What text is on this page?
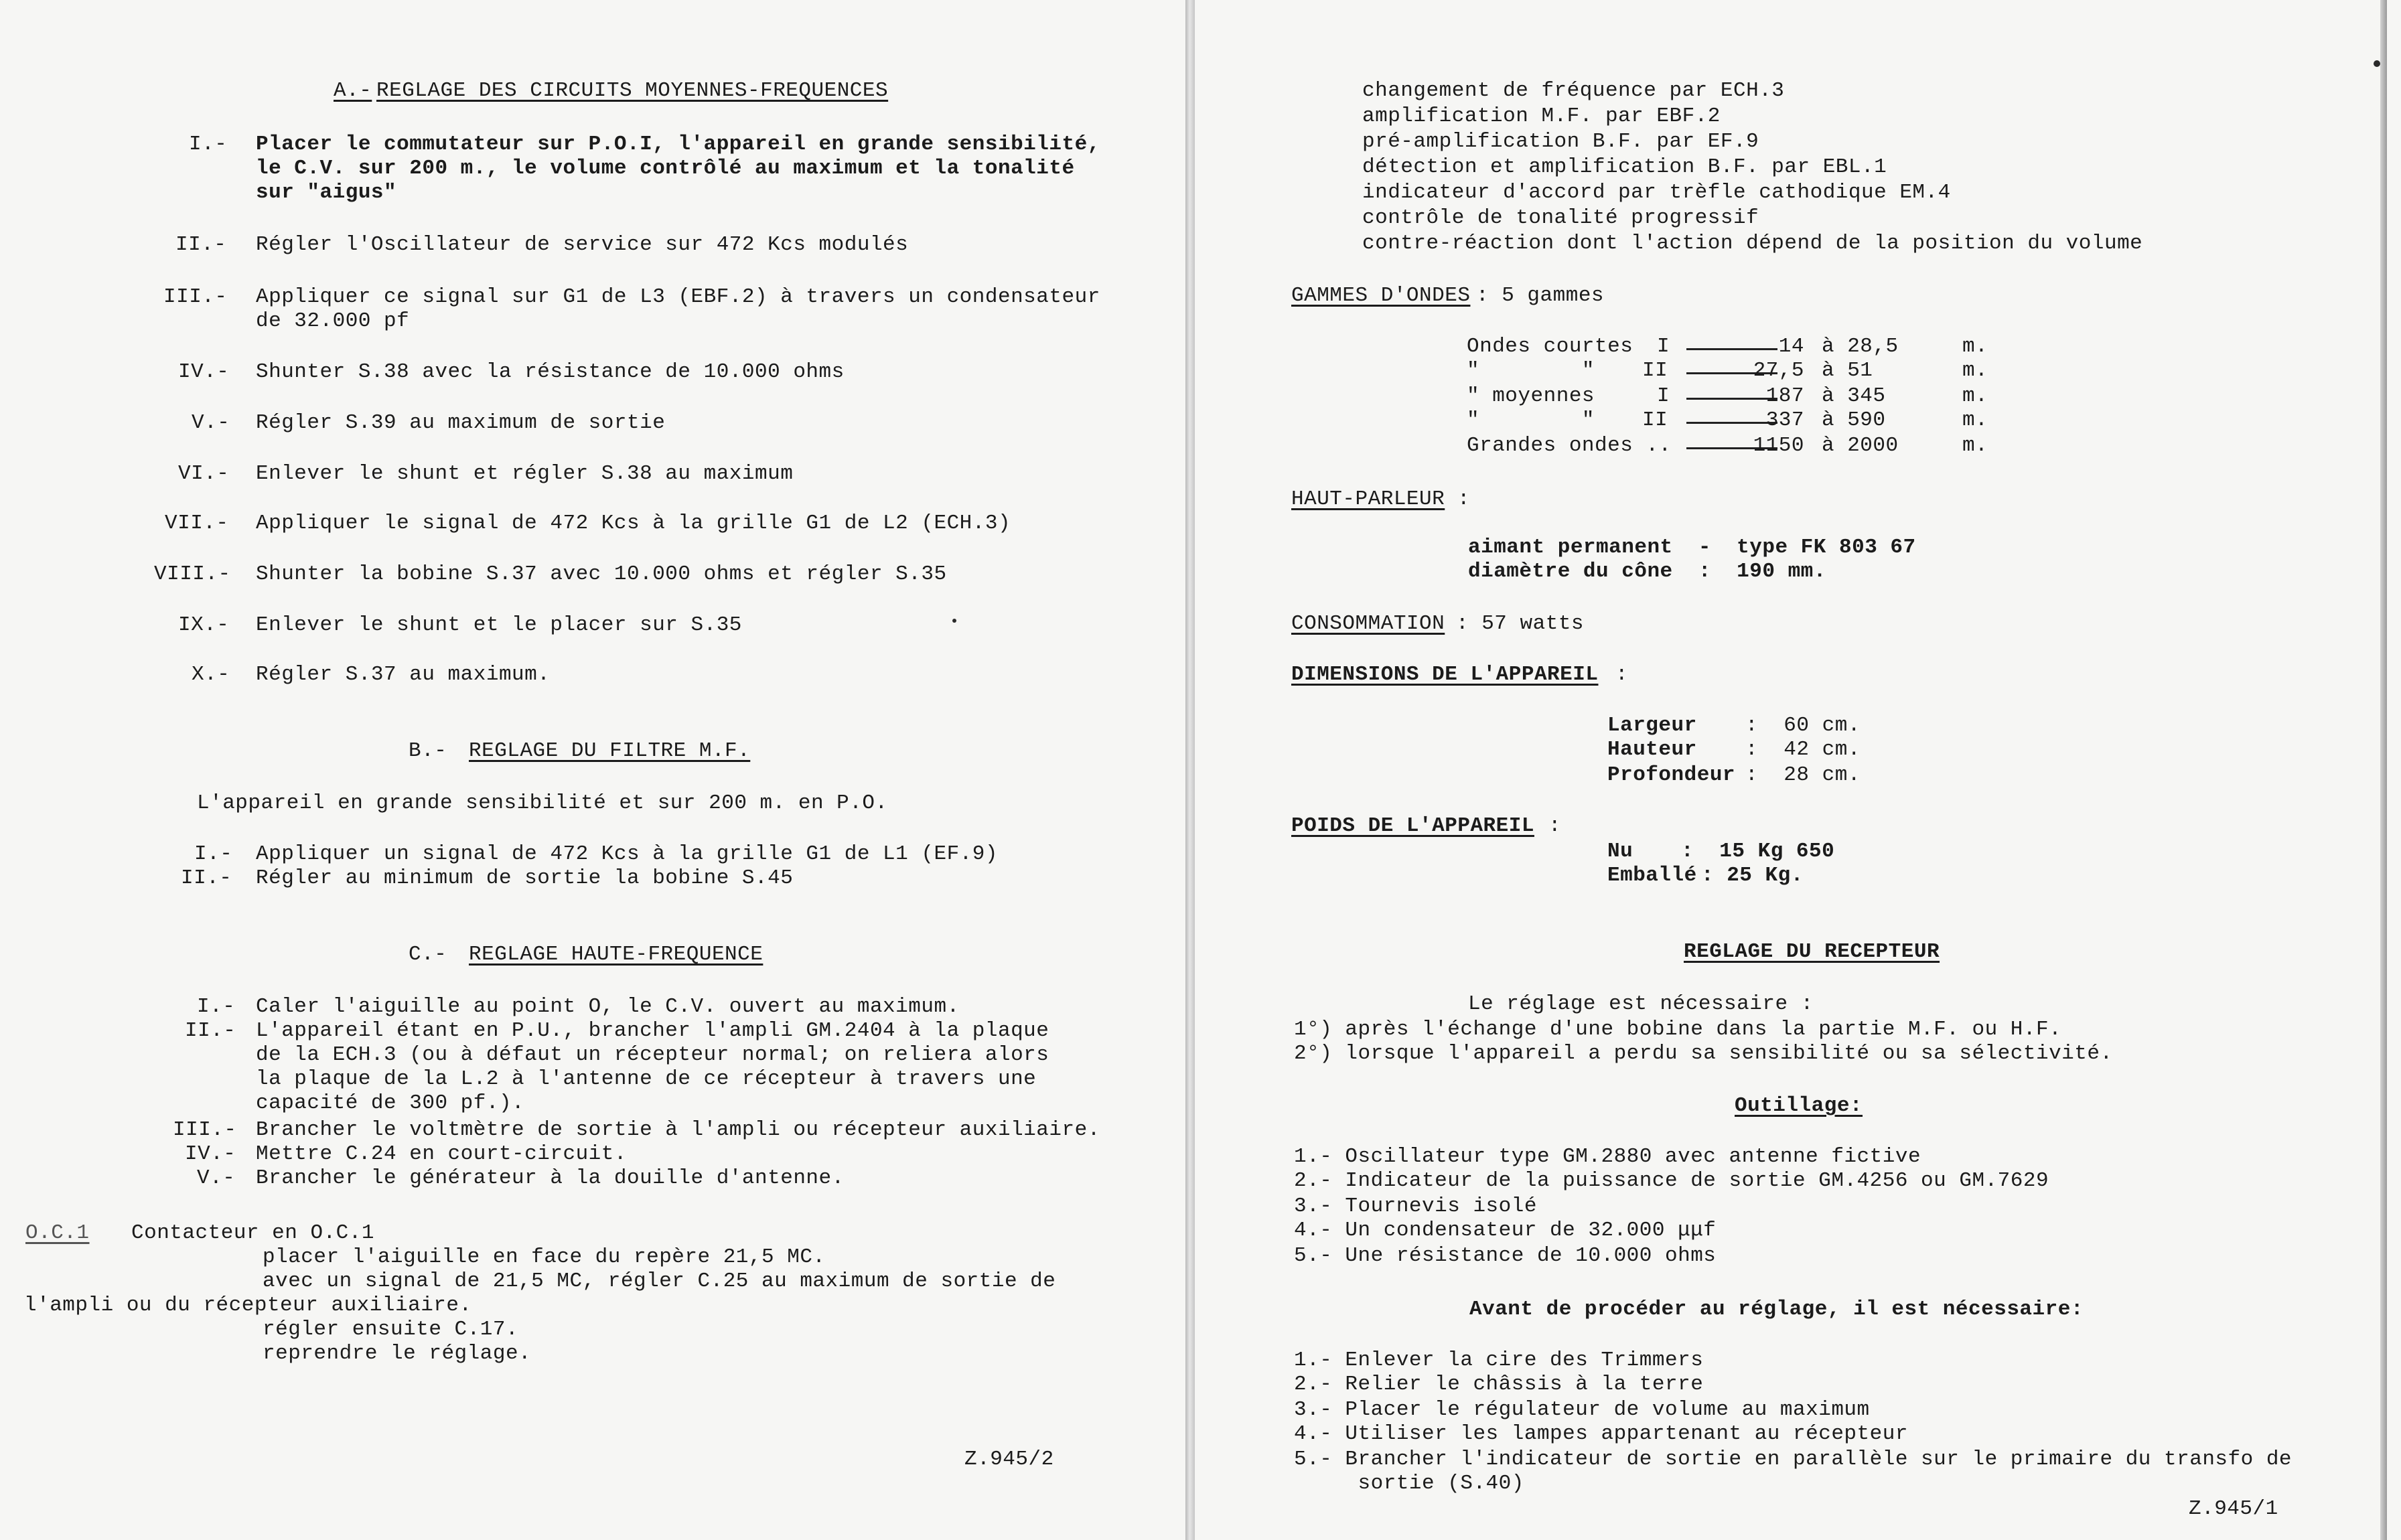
A.- REGLAGE DES CIRCUITS MOYENNES-FREQUENCES
I.- Placer le commutateur sur P.O.I, l'appareil en grande sensibilité,
le C.V. sur 200 m., le volume contrôlé au maximum et la tonalité
sur "aigus"
II.- Régler l'Oscillateur de service sur 472 Kcs modulés
III.- Appliquer ce signal sur G1 de L3 (EBF.2) à travers un condensateur
de 32.000 pf
IV.- Shunter S.38 avec la résistance de 10.000 ohms
V.- Régler S.39 au maximum de sortie
VI.- Enlever le shunt et régler S.38 au maximum
VII.- Appliquer le signal de 472 Kcs à la grille G1 de L2 (ECH.3)
VIII.- Shunter la bobine S.37 avec 10.000 ohms et régler S.35
IX.- Enlever le shunt et le placer sur S.35
X.- Régler S.37 au maximum.
B.- REGLAGE DU FILTRE M.F.
L'appareil en grande sensibilité et sur 200 m. en P.O.
I.- Appliquer un signal de 472 Kcs à la grille G1 de L1 (EF.9)
II.- Régler au minimum de sortie la bobine S.45
C.- REGLAGE HAUTE-FREQUENCE
I.- Caler l'aiguille au point O, le C.V. ouvert au maximum.
II.- L'appareil étant en P.U., brancher l'ampli GM.2404 à la plaque
de la ECH.3 (ou à défaut un récepteur normal; on reliera alors
la plaque de la L.2 à l'antenne de ce récepteur à travers une
capacité de 300 pf.).
III.- Brancher le voltmètre de sortie à l'ampli ou récepteur auxiliaire.
IV.- Mettre C.24 en court-circuit.
V.- Brancher le générateur à la douille d'antenne.
O.C.1 Contacteur en O.C.1
placer l'aiguille en face du repère 21,5 MC.
avec un signal de 21,5 MC, régler C.25 au maximum de sortie de
l'ampli ou du récepteur auxiliaire.
régler ensuite C.17.
reprendre le réglage.
Z.945/2
changement de fréquence par ECH.3
amplification M.F. par EBF.2
pré-amplification B.F. par EF.9
détection et amplification B.F. par EBL.1
indicateur d'accord par trèfle cathodique EM.4
contrôle de tonalité progressif
contre-réaction dont l'action dépend de la position du volume
GAMMES D'ONDES : 5 gammes
Ondes courtes I	14 à 28,5	m.
"        " II	27,5 à 51	m.
" moyennes	I	187 à 345	m.
"        " II	337 à 590	m.
Grandes ondes ..	1150 à 2000	m.
HAUT-PARLEUR :
aimant permanent  -  type FK 803 67
diamètre du cône  :  190 mm.
CONSOMMATION : 57 watts
DIMENSIONS DE L'APPAREIL :
Largeur :  60 cm.
Hauteur :  42 cm.
Profondeur :  28 cm.
POIDS DE L'APPAREIL :
Nu :  15 Kg 650
Emballé : 25 Kg.
REGLAGE DU RECEPTEUR
Le réglage est nécessaire :
1°) après l'échange d'une bobine dans la partie M.F. ou H.F.
2°) lorsque l'appareil a perdu sa sensibilité ou sa sélectivité.
Outillage:
1.- Oscillateur type GM.2880 avec antenne fictive
2.- Indicateur de la puissance de sortie GM.4256 ou GM.7629
3.- Tournevis isolé
4.- Un condensateur de 32.000 μμf
5.- Une résistance de 10.000 ohms
Avant de procéder au réglage, il est nécessaire:
1.- Enlever la cire des Trimmers
2.- Relier le châssis à la terre
3.- Placer le régulateur de volume au maximum
4.- Utiliser les lampes appartenant au récepteur
5.- Brancher l'indicateur de sortie en parallèle sur le primaire du transfo de
sortie (S.40)
Z.945/1
